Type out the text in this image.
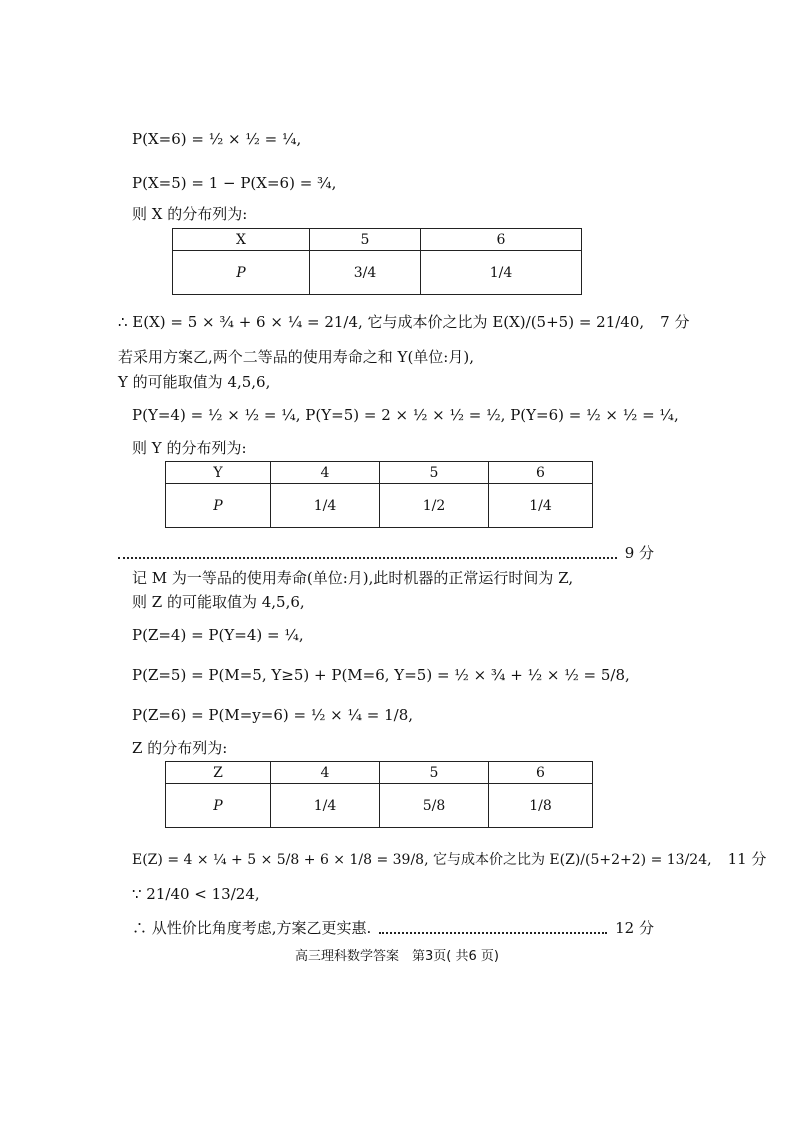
P(X=6) = ½ × ½ = ¼,
P(X=5) = 1 − P(X=6) = ¾,
则 X 的分布列为:
X	5	6
P	3/4	1/4
∴ E(X) = 5 × ¾ + 6 × ¼ = 21/4, 它与成本价之比为 E(X)/(5+5) = 21/40, 7 分
若采用方案乙,两个二等品的使用寿命之和 Y(单位:月),
Y 的可能取值为 4,5,6,
P(Y=4) = ½ × ½ = ¼, P(Y=5) = 2 × ½ × ½ = ½, P(Y=6) = ½ × ½ = ¼,
则 Y 的分布列为:
Y	4	5	6
P	1/4	1/2	1/4
9 分
记 M 为一等品的使用寿命(单位:月),此时机器的正常运行时间为 Z,
则 Z 的可能取值为 4,5,6,
P(Z=4) = P(Y=4) = ¼,
P(Z=5) = P(M=5, Y≥5) + P(M=6, Y=5) = ½ × ¾ + ½ × ½ = 5/8,
P(Z=6) = P(M=y=6) = ½ × ¼ = 1/8,
Z 的分布列为:
Z	4	5	6
P	1/4	5/8	1/8
E(Z) = 4 × ¼ + 5 × 5/8 + 6 × 1/8 = 39/8, 它与成本价之比为 E(Z)/(5+2+2) = 13/24, 11 分
∵ 21/40 < 13/24,
∴ 从性价比角度考虑,方案乙更实惠.	12 分
高三理科数学答案　第3页( 共6 页)
